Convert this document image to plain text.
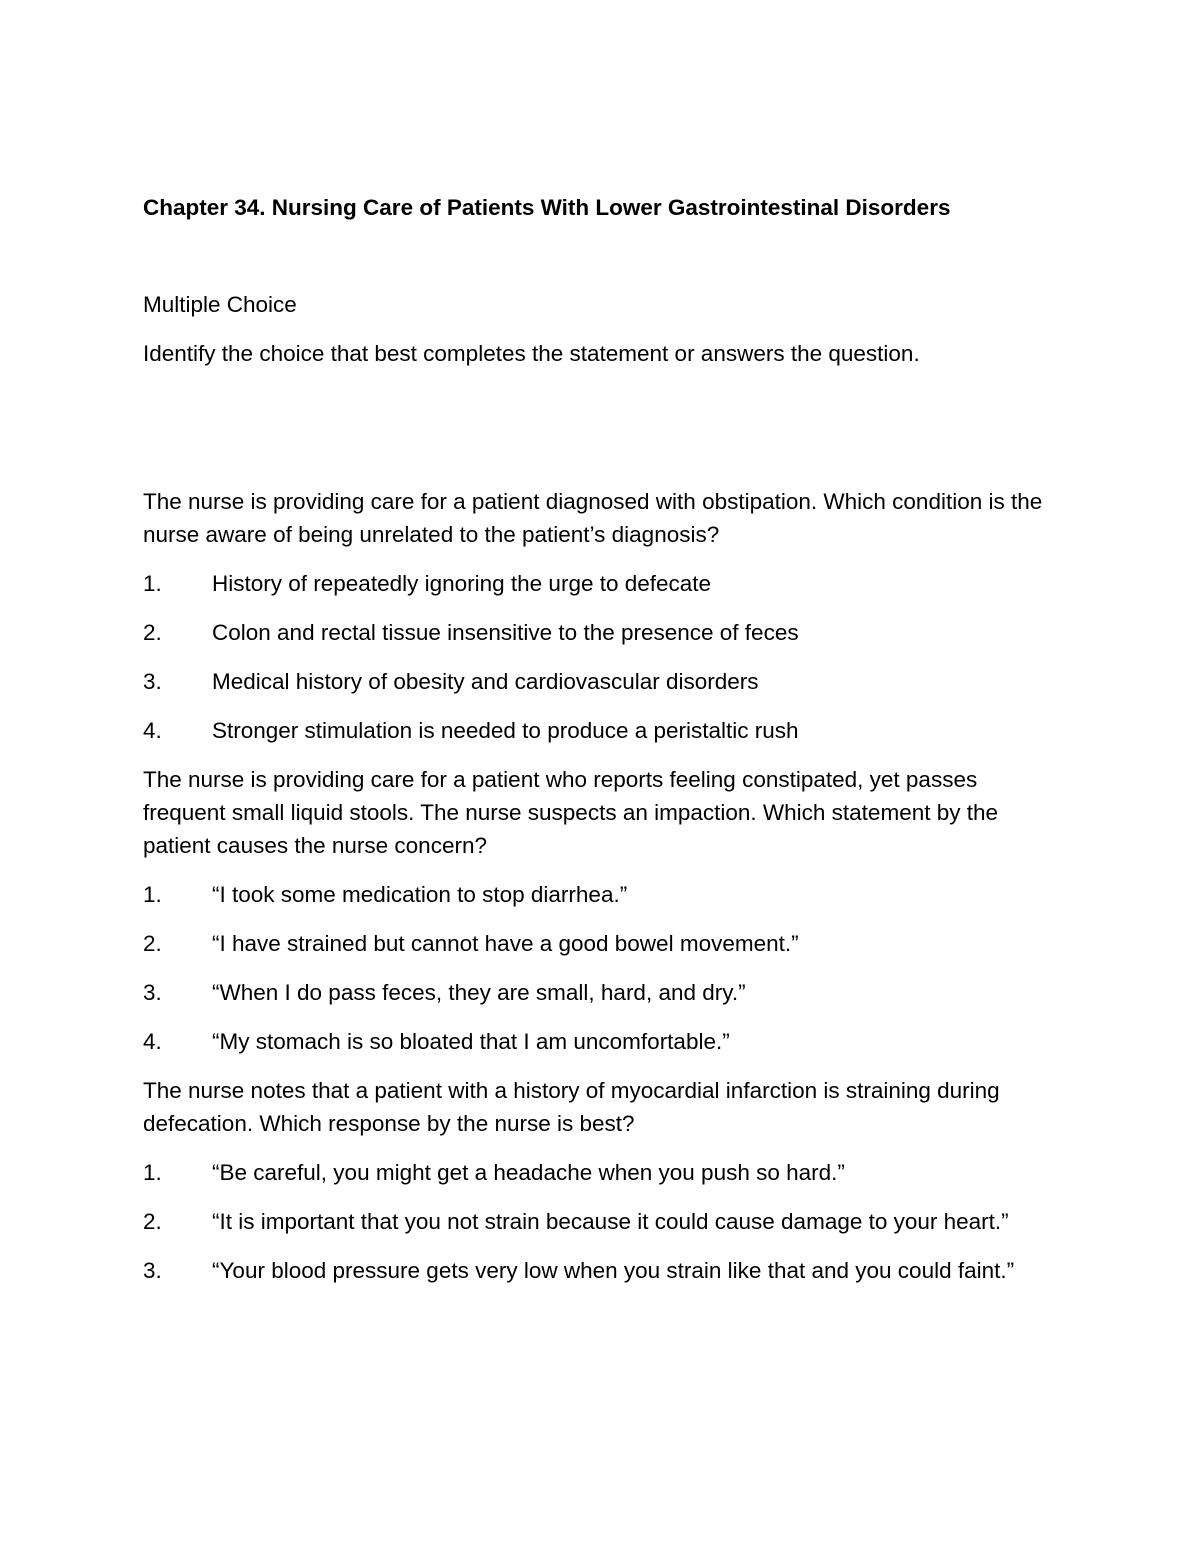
Chapter 34. Nursing Care of Patients With Lower Gastrointestinal Disorders

Multiple Choice

Identify the choice that best completes the statement or answers the question.

The nurse is providing care for a patient diagnosed with obstipation. Which condition is the nurse aware of being unrelated to the patient’s diagnosis?

1.	History of repeatedly ignoring the urge to defecate
2.	Colon and rectal tissue insensitive to the presence of feces
3.	Medical history of obesity and cardiovascular disorders
4.	Stronger stimulation is needed to produce a peristaltic rush

The nurse is providing care for a patient who reports feeling constipated, yet passes frequent small liquid stools. The nurse suspects an impaction. Which statement by the patient causes the nurse concern?

1.	“I took some medication to stop diarrhea.”
2.	“I have strained but cannot have a good bowel movement.”
3.	“When I do pass feces, they are small, hard, and dry.”
4.	“My stomach is so bloated that I am uncomfortable.”

The nurse notes that a patient with a history of myocardial infarction is straining during defecation. Which response by the nurse is best?

1.	“Be careful, you might get a headache when you push so hard.”
2. “It is important that you not strain because it could cause damage to your heart.”
3. “Your blood pressure gets very low when you strain like that and you could faint.”
